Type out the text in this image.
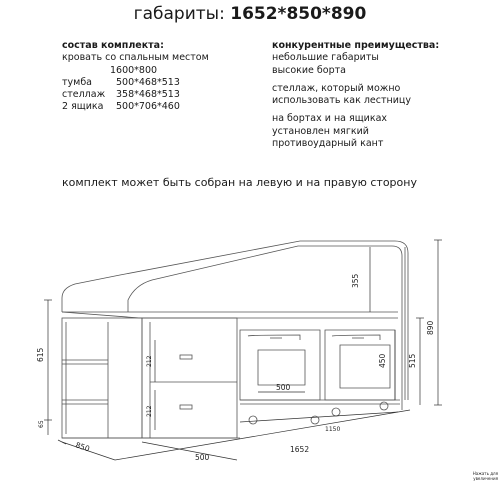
габариты: 1652*850*890
состав комплекта:
кровать со спальным местом
1600*800
тумба	500*468*513
стеллаж	358*468*513
2 ящика	500*706*460
конкурентные преимущества:
небольшие габариты
высокие борта
стеллаж, который можно
использовать как лестницу
на бортах и на ящиках
установлен мягкий
противоударный кант
комплект может быть собран на левую и на правую сторону
355
890
515
450
615
65
212
212
500
1150
850
500
1652
Нажать для
увеличения
